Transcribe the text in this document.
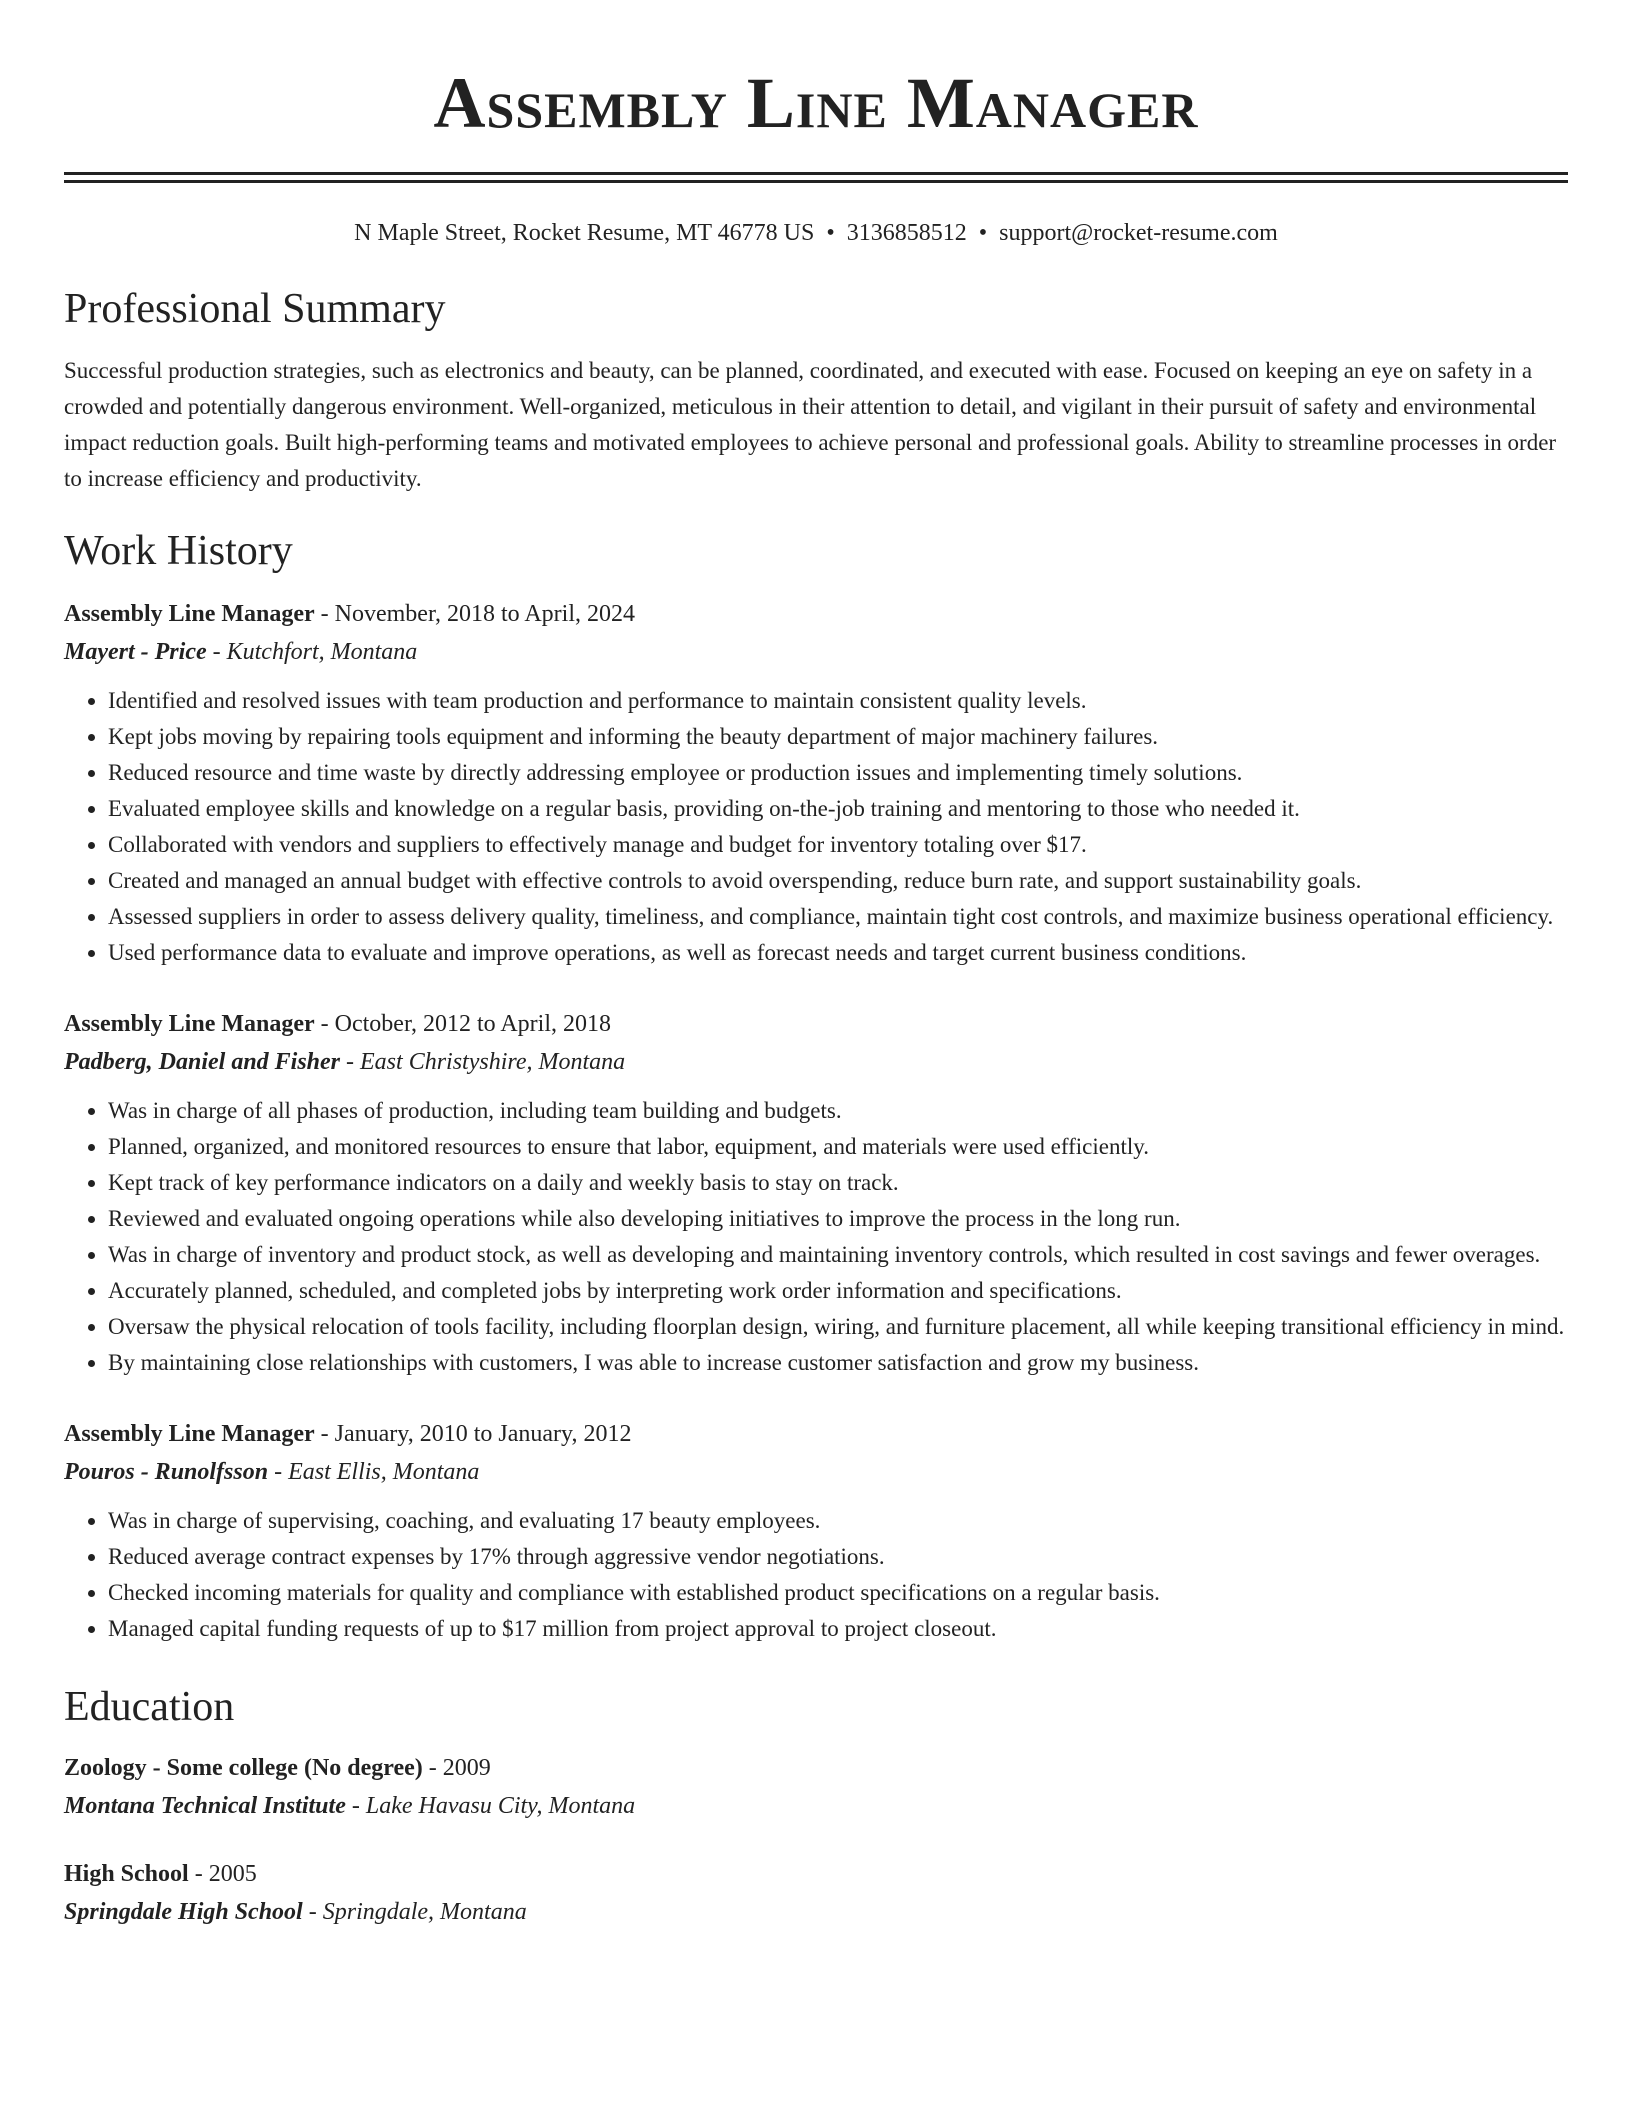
Assembly Line Manager
N Maple Street, Rocket Resume, MT 46778 US • 3136858512 • support@rocket-resume.com
Professional Summary

Successful production strategies, such as electronics and beauty, can be planned, coordinated, and executed with ease. Focused on keeping an eye on safety in a crowded and potentially dangerous environment. Well-organized, meticulous in their attention to detail, and vigilant in their pursuit of safety and environmental impact reduction goals. Built high-performing teams and motivated employees to achieve personal and professional goals. Ability to streamline processes in order to increase efficiency and productivity.

Work History
Assembly Line Manager - November, 2018 to April, 2024
Mayert - Price - Kutchfort, Montana
• Identified and resolved issues with team production and performance to maintain consistent quality levels.
• Kept jobs moving by repairing tools equipment and informing the beauty department of major machinery failures.
• Reduced resource and time waste by directly addressing employee or production issues and implementing timely solutions.
• Evaluated employee skills and knowledge on a regular basis, providing on-the-job training and mentoring to those who needed it.
• Collaborated with vendors and suppliers to effectively manage and budget for inventory totaling over $17.
• Created and managed an annual budget with effective controls to avoid overspending, reduce burn rate, and support sustainability goals.
• Assessed suppliers in order to assess delivery quality, timeliness, and compliance, maintain tight cost controls, and maximize business operational efficiency.
• Used performance data to evaluate and improve operations, as well as forecast needs and target current business conditions.
Assembly Line Manager - October, 2012 to April, 2018
Padberg, Daniel and Fisher - East Christyshire, Montana
• Was in charge of all phases of production, including team building and budgets.
• Planned, organized, and monitored resources to ensure that labor, equipment, and materials were used efficiently.
• Kept track of key performance indicators on a daily and weekly basis to stay on track.
• Reviewed and evaluated ongoing operations while also developing initiatives to improve the process in the long run.
• Was in charge of inventory and product stock, as well as developing and maintaining inventory controls, which resulted in cost savings and fewer overages.
• Accurately planned, scheduled, and completed jobs by interpreting work order information and specifications.
• Oversaw the physical relocation of tools facility, including floorplan design, wiring, and furniture placement, all while keeping transitional efficiency in mind.
• By maintaining close relationships with customers, I was able to increase customer satisfaction and grow my business.
Assembly Line Manager - January, 2010 to January, 2012
Pouros - Runolfsson - East Ellis, Montana
• Was in charge of supervising, coaching, and evaluating 17 beauty employees.
• Reduced average contract expenses by 17% through aggressive vendor negotiations.
• Checked incoming materials for quality and compliance with established product specifications on a regular basis.
• Managed capital funding requests of up to $17 million from project approval to project closeout.
Education
Zoology - Some college (No degree) - 2009
Montana Technical Institute - Lake Havasu City, Montana
High School - 2005
Springdale High School - Springdale, Montana
